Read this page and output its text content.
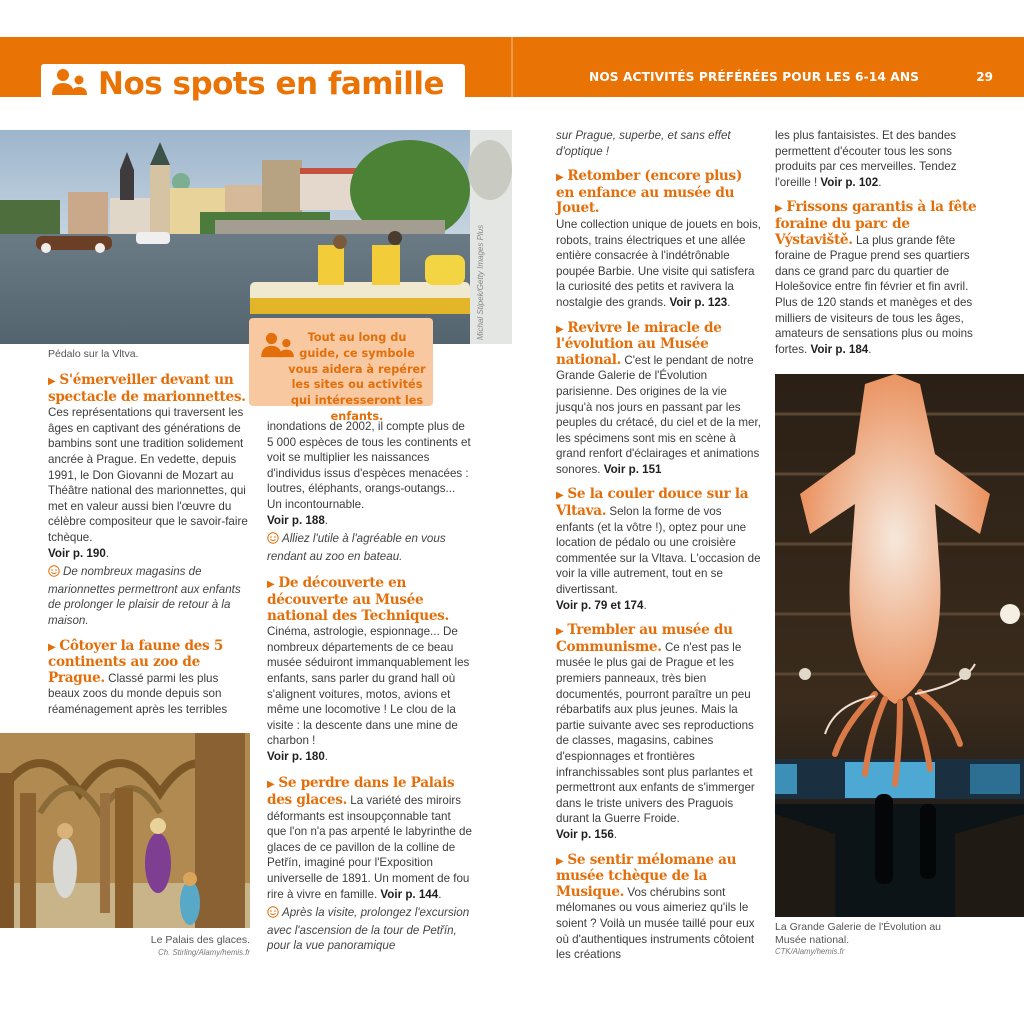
Nos spots en famille	NOS ACTIVITÉS PRÉFÉRÉES POUR LES 6-14 ANS	29
Michal Stipek/Getty Images Plus
Pédalo sur la Vltva.
Tout au long du guide, ce symbole vous aidera à repérer les sites ou activités qui intéresseront les enfants.
▶ S'émerveiller devant un spectacle de marionnettes.
Ces représentations qui traversent les âges en captivant des générations de bambins sont une tradition solidement ancrée à Prague. En vedette, depuis 1991, le Don Giovanni de Mozart au Théâtre national des marionnettes, qui met en valeur aussi bien l'œuvre du célèbre compositeur que le savoir-faire tchèque.
Voir p. 190.
De nombreux magasins de marionnettes permettront aux enfants de prolonger le plaisir de retour à la maison.
▶ Côtoyer la faune des 5 continents au zoo de Prague. Classé parmi les plus beaux zoos du monde depuis son réaménagement après les terribles
Le Palais des glaces.
Ch. Stirling/Alamy/hemis.fr
inondations de 2002, il compte plus de 5 000 espèces de tous les continents et voit se multiplier les naissances d'individus issus d'espèces menacées : loutres, éléphants, orangs-outangs... Un incontournable.
Voir p. 188.
Alliez l'utile à l'agréable en vous rendant au zoo en bateau.
▶ De découverte en découverte au Musée national des Techniques.
Cinéma, astrologie, espionnage... De nombreux départements de ce beau musée séduiront immanquablement les enfants, sans parler du grand hall où s'alignent voitures, motos, avions et même une locomotive ! Le clou de la visite : la descente dans une mine de charbon !
Voir p. 180.
▶ Se perdre dans le Palais des glaces. La variété des miroirs déformants est insoupçonnable tant que l'on n'a pas arpenté le labyrinthe de glaces de ce pavillon de la colline de Petřín, imaginé pour l'Exposition universelle de 1891. Un moment de fou rire à vivre en famille. Voir p. 144.
Après la visite, prolongez l'excursion avec l'ascension de la tour de Petřín, pour la vue panoramique
sur Prague, superbe, et sans effet d'optique !
▶ Retomber (encore plus) en enfance au musée du Jouet.
Une collection unique de jouets en bois, robots, trains électriques et une allée entière consacrée à l'indétrônable poupée Barbie. Une visite qui satisfera la curiosité des petits et ravivera la nostalgie des grands. Voir p. 123.
▶ Revivre le miracle de l'évolution au Musée national. C'est le pendant de notre Grande Galerie de l'Évolution parisienne. Des origines de la vie jusqu'à nos jours en passant par les peuples du crétacé, du ciel et de la mer, les spécimens sont mis en scène à grand renfort d'éclairages et animations sonores. Voir p. 151
▶ Se la couler douce sur la Vltava. Selon la forme de vos enfants (et la vôtre !), optez pour une location de pédalo ou une croisière commentée sur la Vltava. L'occasion de voir la ville autrement, tout en se divertissant.
Voir p. 79 et 174.
▶ Trembler au musée du Communisme. Ce n'est pas le musée le plus gai de Prague et les premiers panneaux, très bien documentés, pourront paraître un peu rébarbatifs aux plus jeunes. Mais la partie suivante avec ses reproductions de classes, magasins, cabines d'espionnages et frontières infranchissables sont plus parlantes et permettront aux enfants de s'immerger dans le triste univers des Praguois durant la Guerre Froide.
Voir p. 156.
▶ Se sentir mélomane au musée tchèque de la Musique. Vos chérubins sont mélomanes ou vous aimeriez qu'ils le soient ? Voilà un musée taillé pour eux où d'authentiques instruments côtoient les créations
les plus fantaisistes. Et des bandes permettent d'écouter tous les sons produits par ces merveilles. Tendez l'oreille ! Voir p. 102.
▶ Frissons garantis à la fête foraine du parc de Výstaviště. La plus grande fête foraine de Prague prend ses quartiers dans ce grand parc du quartier de Holešovice entre fin février et fin avril. Plus de 120 stands et manèges et des milliers de visiteurs de tous les âges, amateurs de sensations plus ou moins fortes. Voir p. 184.
La Grande Galerie de l'Évolution au Musée national.
CTK/Alamy/hemis.fr
